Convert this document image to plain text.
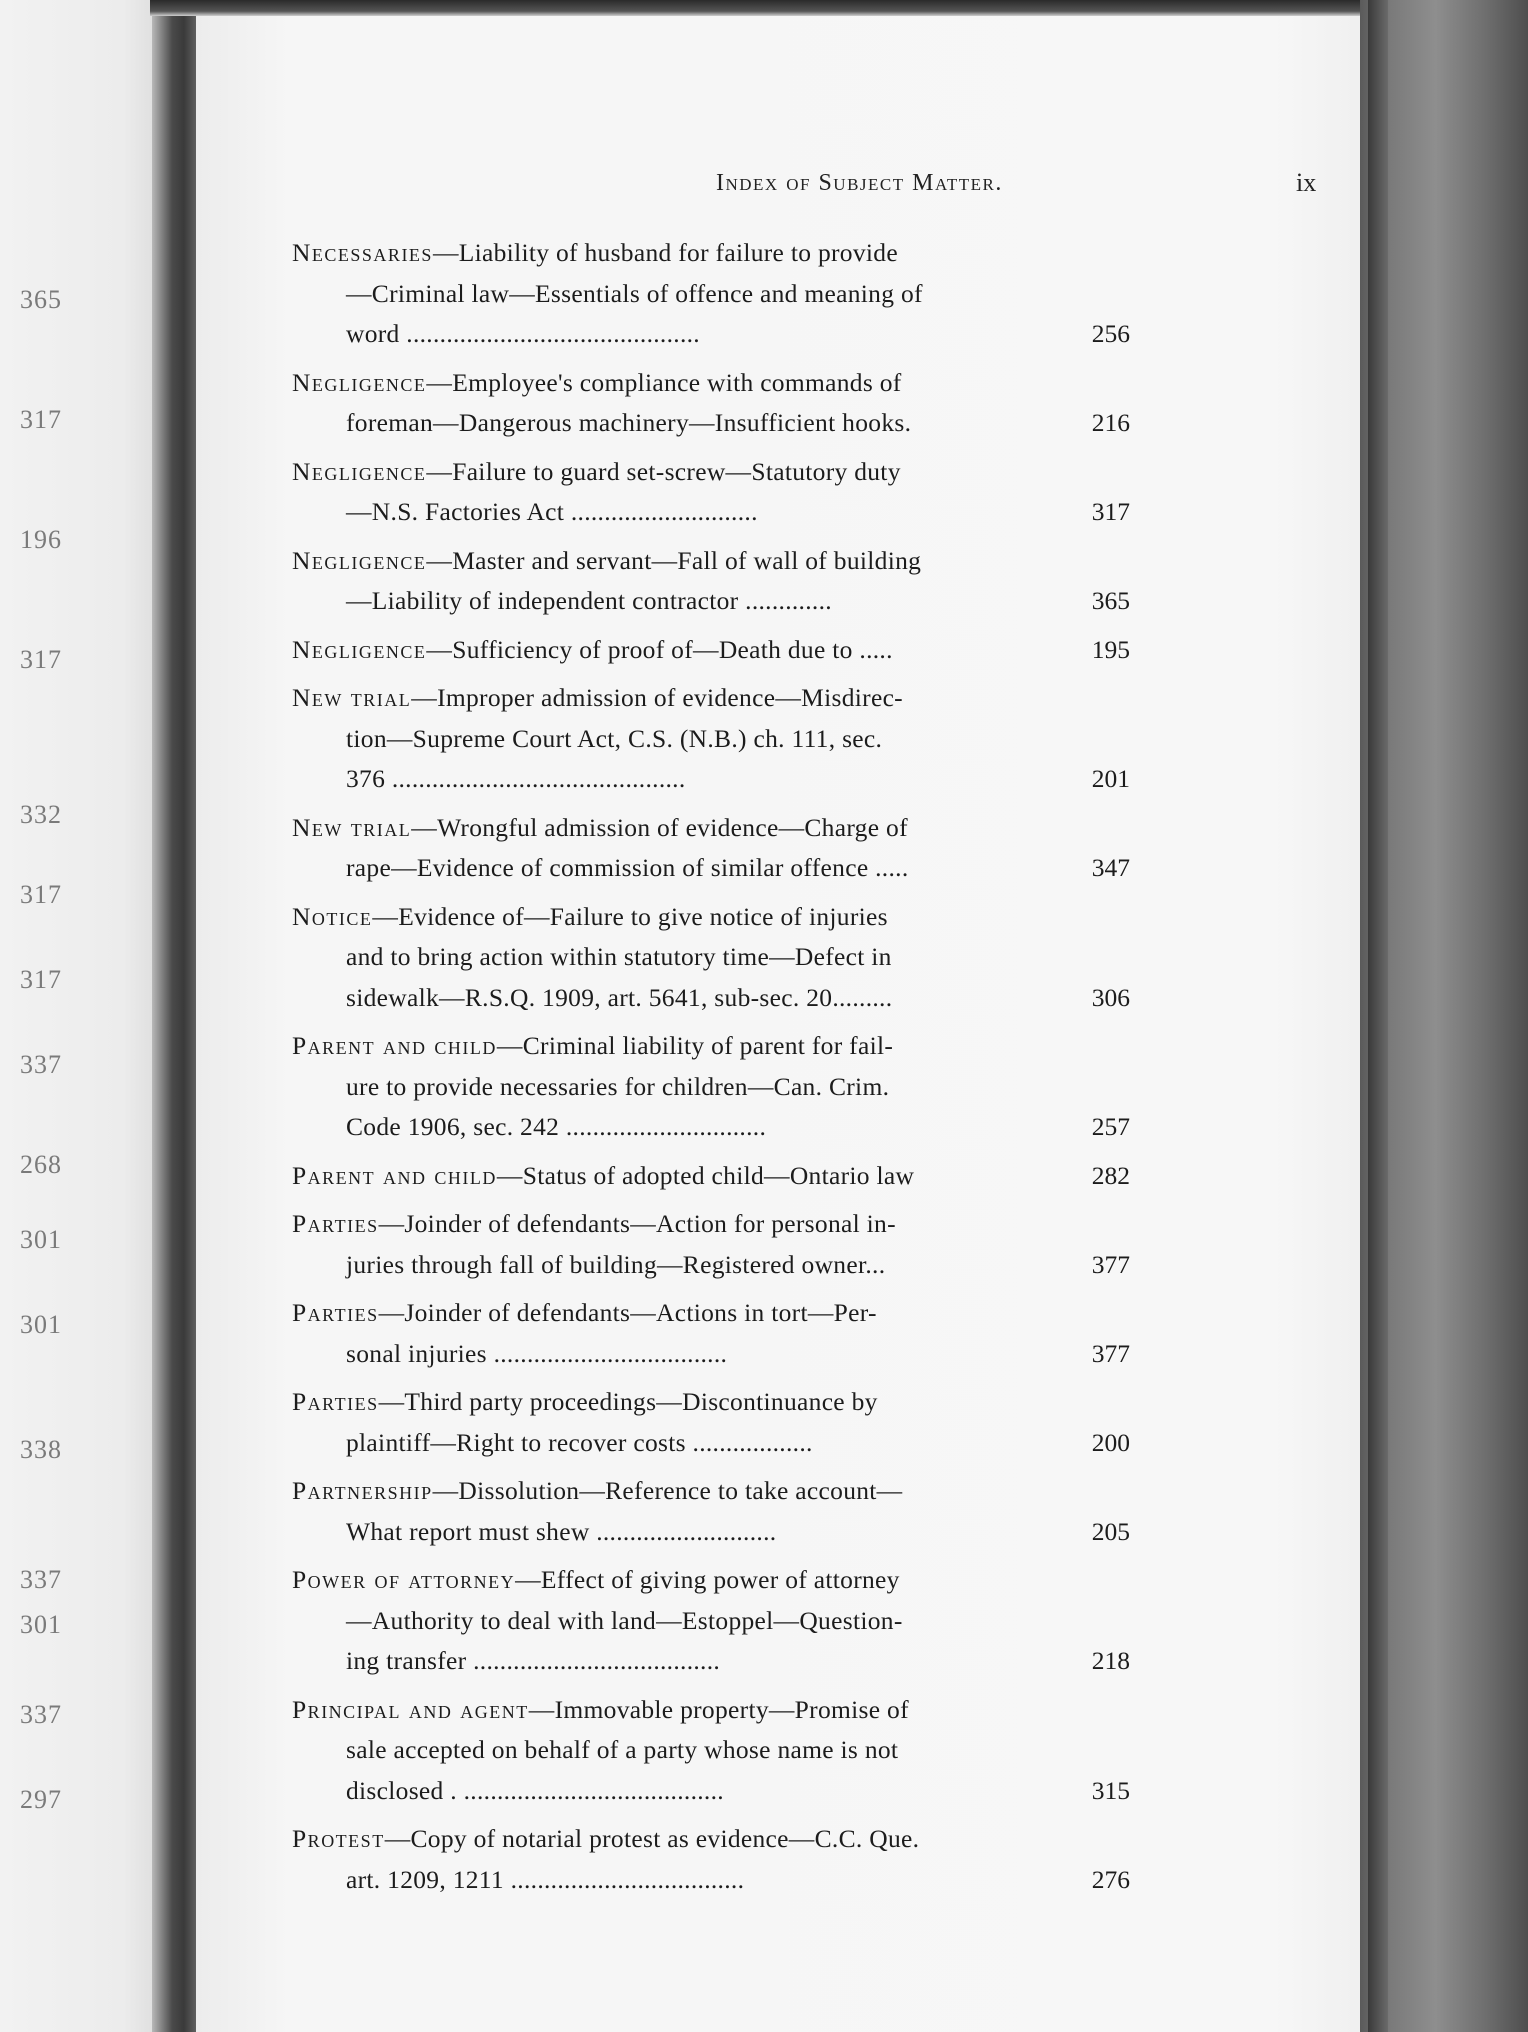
365
317
196
317
332
317
317
337
268
301
301
338
337
301
337
297
Index of Subject Matter.	ix
Necessaries—Liability of husband for failure to provide
—Criminal law—Essentials of offence and meaning of
word ............................................	256
Negligence—Employee's compliance with commands of
foreman—Dangerous machinery—Insufficient hooks.	216
Negligence—Failure to guard set-screw—Statutory duty
—N.S. Factories Act ............................	317
Negligence—Master and servant—Fall of wall of building
—Liability of independent contractor .............	365
Negligence—Sufficiency of proof of—Death due to .....	195
New trial—Improper admission of evidence—Misdirec-
tion—Supreme Court Act, C.S. (N.B.) ch. 111, sec.
376 ............................................	201
New trial—Wrongful admission of evidence—Charge of
rape—Evidence of commission of similar offence .....	347
Notice—Evidence of—Failure to give notice of injuries
and to bring action within statutory time—Defect in
sidewalk—R.S.Q. 1909, art. 5641, sub-sec. 20.........	306
Parent and child—Criminal liability of parent for fail-
ure to provide necessaries for children—Can. Crim.
Code 1906, sec. 242 ..............................	257
Parent and child—Status of adopted child—Ontario law	282
Parties—Joinder of defendants—Action for personal in-
juries through fall of building—Registered owner...	377
Parties—Joinder of defendants—Actions in tort—Per-
sonal injuries ...................................	377
Parties—Third party proceedings—Discontinuance by
plaintiff—Right to recover costs ..................	200
Partnership—Dissolution—Reference to take account—
What report must shew ...........................	205
Power of attorney—Effect of giving power of attorney
—Authority to deal with land—Estoppel—Question-
ing transfer .....................................	218
Principal and agent—Immovable property—Promise of
sale accepted on behalf of a party whose name is not
disclosed . .......................................	315
Protest—Copy of notarial protest as evidence—C.C. Que.
art. 1209, 1211 ...................................	276
